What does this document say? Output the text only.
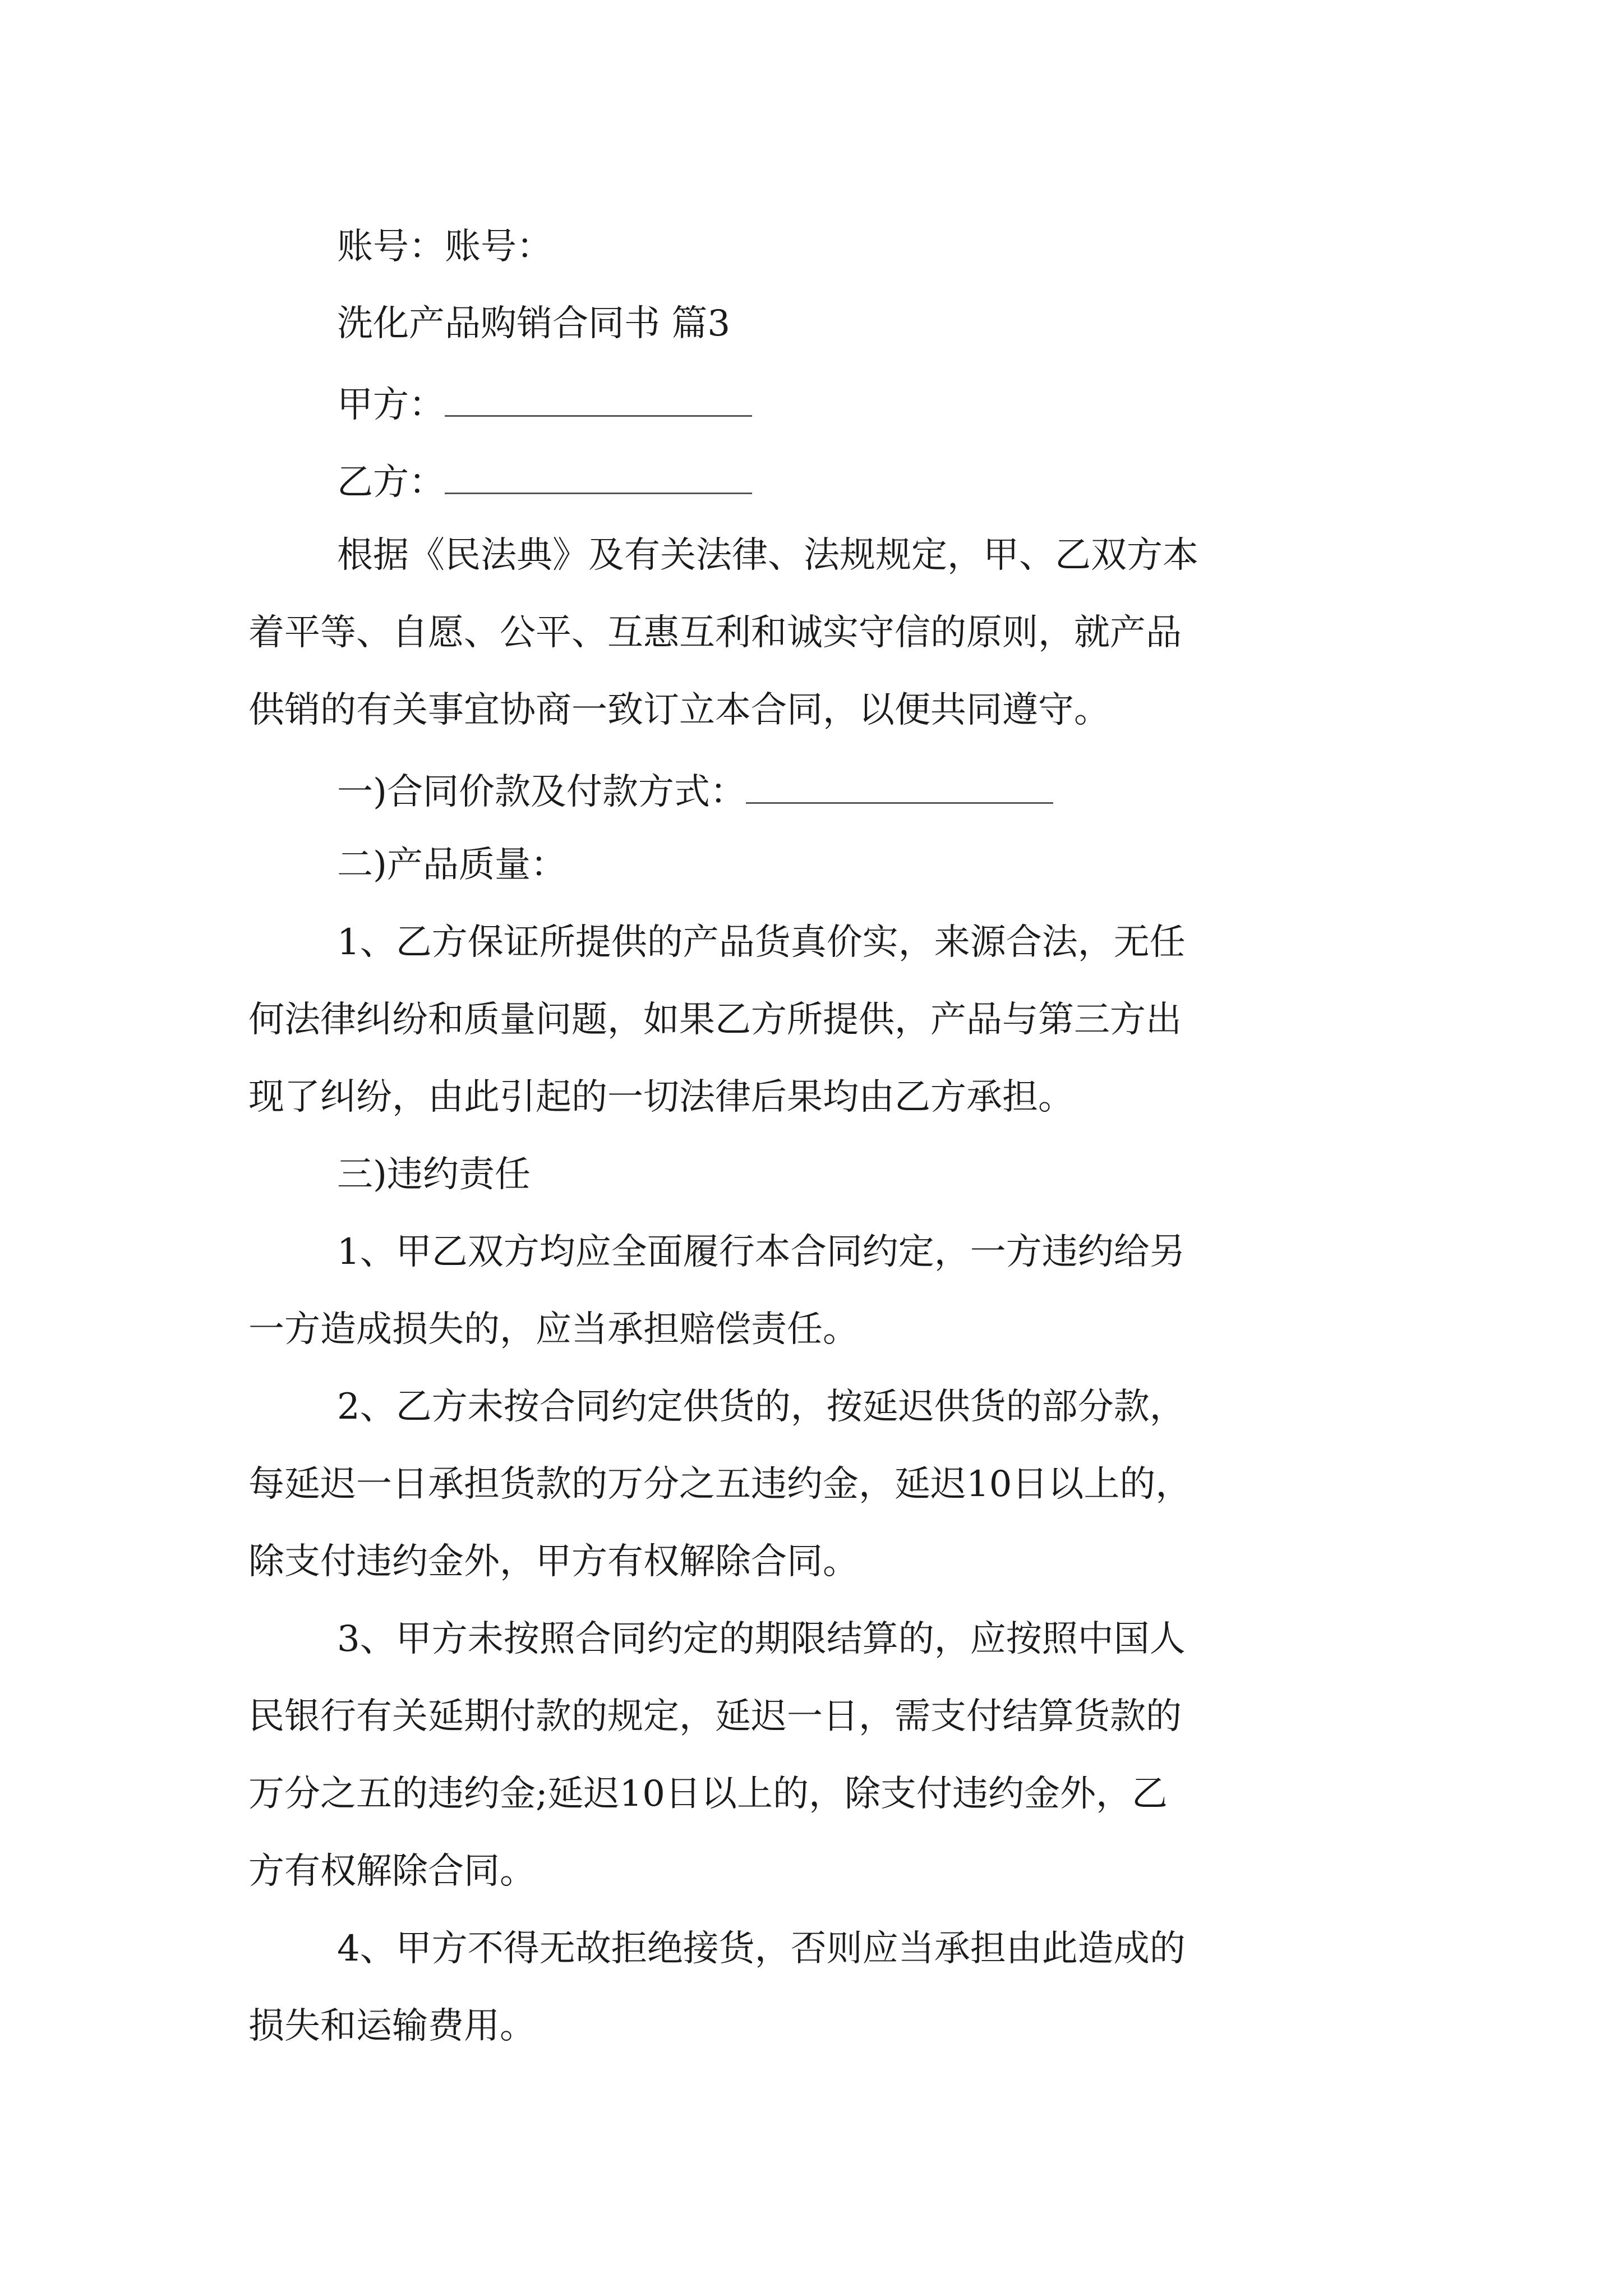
账号：账号：

洗化产品购销合同书 篇3

甲方：
乙方：

根据《民法典》及有关法律、法规规定，甲、乙双方本

着平等、自愿、公平、互惠互利和诚实守信的原则，就产品

供销的有关事宜协商一致订立本合同，以便共同遵守。

一)合同价款及付款方式：

二)产品质量：

1、乙方保证所提供的产品货真价实，来源合法，无任

何法律纠纷和质量问题，如果乙方所提供，产品与第三方出

现了纠纷，由此引起的一切法律后果均由乙方承担。

三)违约责任

1、甲乙双方均应全面履行本合同约定，一方违约给另

一方造成损失的，应当承担赔偿责任。

2、乙方未按合同约定供货的，按延迟供货的部分款，

每延迟一日承担货款的万分之五违约金，延迟10日以上的，

除支付违约金外，甲方有权解除合同。

3、甲方未按照合同约定的期限结算的，应按照中国人

民银行有关延期付款的规定，延迟一日，需支付结算货款的

万分之五的违约金;延迟10日以上的，除支付违约金外，乙

方有权解除合同。

4、甲方不得无故拒绝接货，否则应当承担由此造成的

损失和运输费用。
